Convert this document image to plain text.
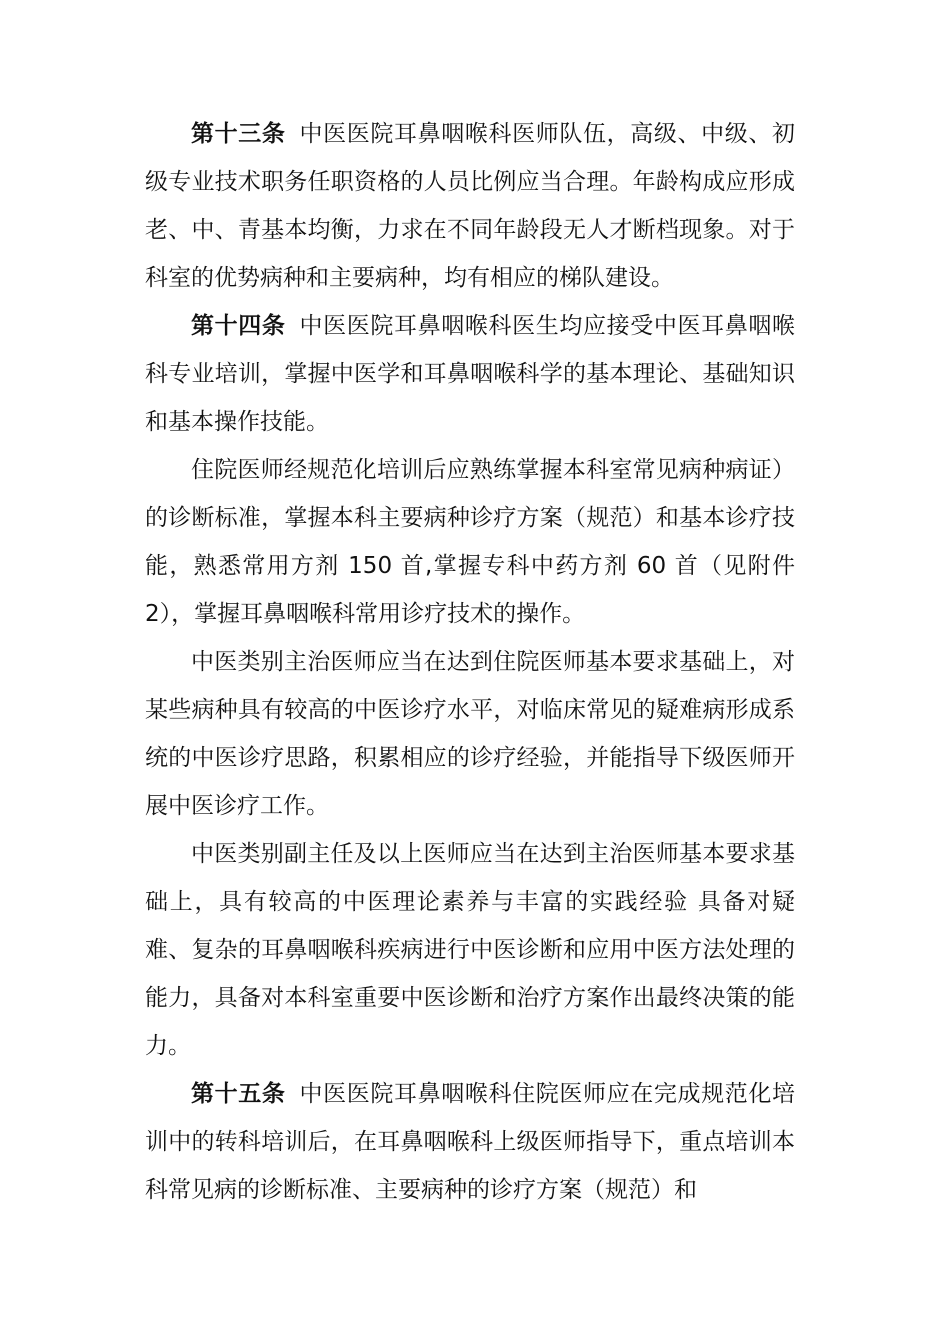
第十三条 中医医院耳鼻咽喉科医师队伍，高级、中级、初级专业技术职务任职资格的人员比例应当合理。年龄构成应形成老、中、青基本均衡，力求在不同年龄段无人才断档现象。对于科室的优势病种和主要病种，均有相应的梯队建设。

第十四条 中医医院耳鼻咽喉科医生均应接受中医耳鼻咽喉科专业培训，掌握中医学和耳鼻咽喉科学的基本理论、基础知识和基本操作技能。

住院医师经规范化培训后应熟练掌握本科室常见病种病证）的诊断标准，掌握本科主要病种诊疗方案（规范）和基本诊疗技能，熟悉常用方剂 150 首,掌握专科中药方剂 60 首（见附件 2），掌握耳鼻咽喉科常用诊疗技术的操作。

中医类别主治医师应当在达到住院医师基本要求基础上，对某些病种具有较高的中医诊疗水平，对临床常见的疑难病形成系统的中医诊疗思路，积累相应的诊疗经验，并能指导下级医师开展中医诊疗工作。

中医类别副主任及以上医师应当在达到主治医师基本要求基础上，具有较高的中医理论素养与丰富的实践经验 具备对疑难、复杂的耳鼻咽喉科疾病进行中医诊断和应用中医方法处理的能力，具备对本科室重要中医诊断和治疗方案作出最终决策的能力。

第十五条 中医医院耳鼻咽喉科住院医师应在完成规范化培训中的转科培训后，在耳鼻咽喉科上级医师指导下，重点培训本科常见病的诊断标准、主要病种的诊疗方案（规范）和
